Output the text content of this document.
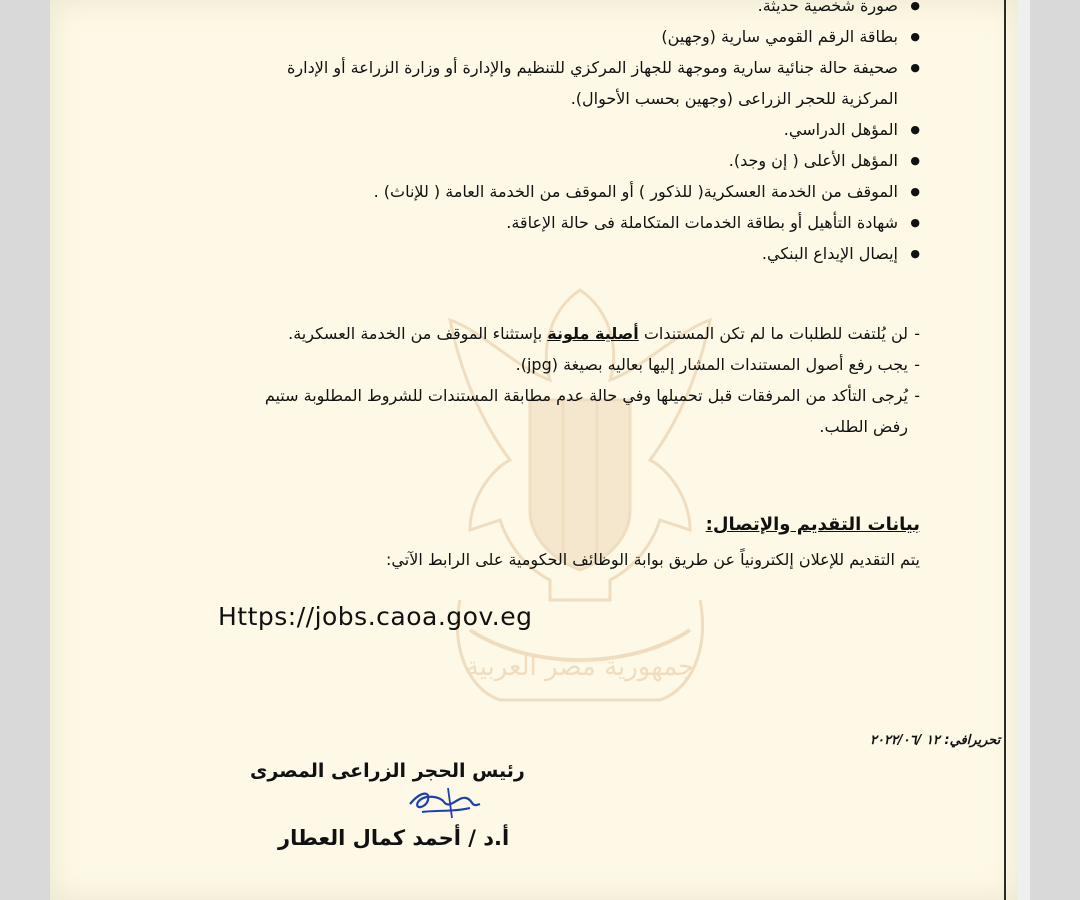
جمهورية مصر العربية
● صورة شخصية حديثة.
● بطاقة الرقم القومي سارية (وجهين)
● صحيفة حالة جنائية سارية وموجهة للجهاز المركزي للتنظيم والإدارة أو وزارة الزراعة أو الإدارة المركزية للحجر الزراعى (وجهين بحسب الأحوال).
● المؤهل الدراسي.
● المؤهل الأعلى ( إن وجد).
● الموقف من الخدمة العسكرية( للذكور ) أو الموقف من الخدمة العامة ( للإناث) .
● شهادة التأهيل أو بطاقة الخدمات المتكاملة فى حالة الإعاقة.
● إيصال الإيداع البنكي.
- لن يُلتفت للطلبات ما لم تكن المستندات أصلية ملونة بإستثناء الموقف من الخدمة العسكرية.
- يجب رفع أصول المستندات المشار إليها بعاليه بصيغة (jpg).
- يُرجى التأكد من المرفقات قبل تحميلها وفي حالة عدم مطابقة المستندات للشروط المطلوبة ستيم رفض الطلب.
بيانات التقديم والإتصال:
يتم التقديم للإعلان إلكترونياً عن طريق بوابة الوظائف الحكومية على الرابط الآتي:
Https://jobs.caoa.gov.eg
تحريرافي: ١٢ /٢٠٢٢/٠٦
رئيس الحجر الزراعى المصرى
أ.د / أحمد كمال العطار
